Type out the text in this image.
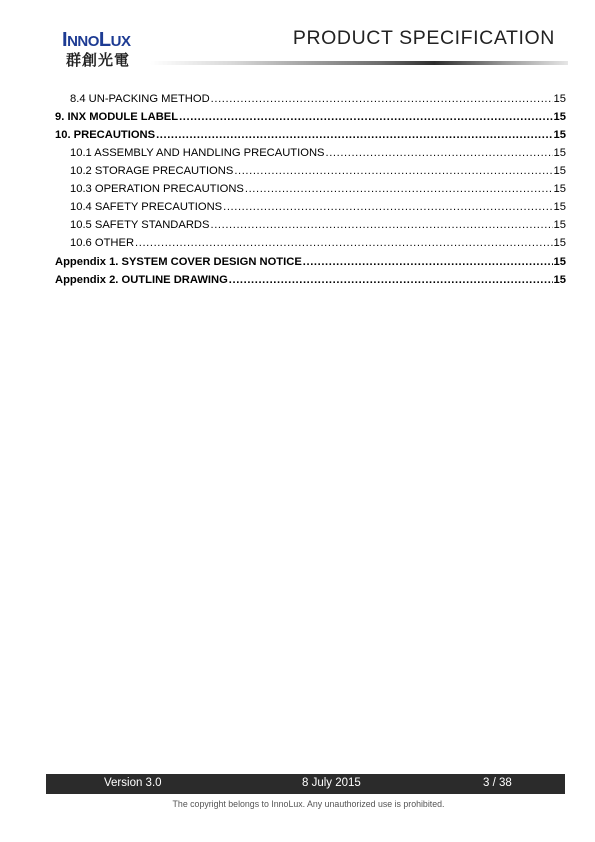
INNOLUX
群創光電
PRODUCT SPECIFICATION
8.4 UN-PACKING METHOD .....	15
9. INX MODULE LABEL .....	15
10. PRECAUTIONS .....	15
10.1 ASSEMBLY AND HANDLING PRECAUTIONS .....	15
10.2 STORAGE PRECAUTIONS .....	15
10.3 OPERATION PRECAUTIONS .....	15
10.4 SAFETY PRECAUTIONS .....	15
10.5 SAFETY STANDARDS .....	15
10.6 OTHER .....	15
Appendix 1. SYSTEM COVER DESIGN NOTICE .....	15
Appendix 2. OUTLINE DRAWING .....	15
Version 3.0	8 July 2015	3 / 38
The copyright belongs to InnoLux. Any unauthorized use is prohibited.
